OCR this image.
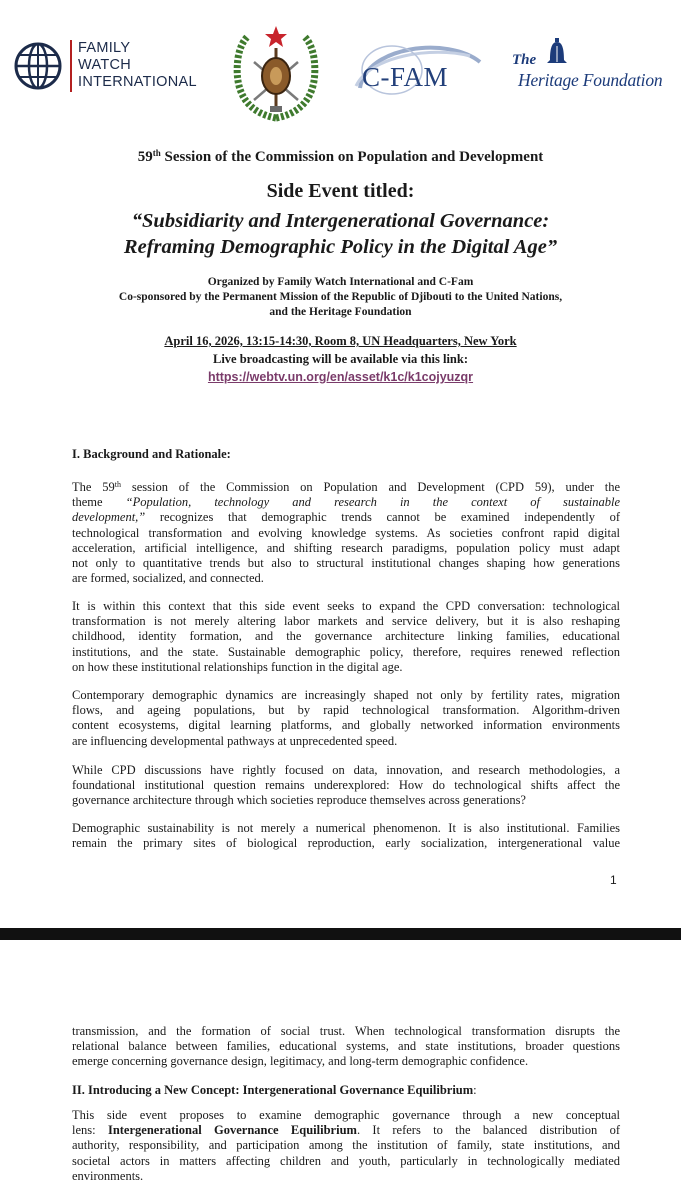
FAMILY
WATCH
INTERNATIONAL	C-FAM
The
Heritage Foundation
59th Session of the Commission on Population and Development
Side Event titled:
“Subsidiarity and Intergenerational Governance:
Reframing Demographic Policy in the Digital Age”
Organized by Family Watch International and C-Fam
Co-sponsored by the Permanent Mission of the Republic of Djibouti to the United Nations,
and the Heritage Foundation
April 16, 2026, 13:15-14:30, Room 8, UN Headquarters, New York
Live broadcasting will be available via this link:
https://webtv.un.org/en/asset/k1c/k1cojyuzqr
I. Background and Rationale:
The 59th session of the Commission on Population and Development (CPD 59), under the
theme “Population, technology and research in the context of sustainable
development,” recognizes that demographic trends cannot be examined independently of
technological transformation and evolving knowledge systems. As societies confront rapid digital
acceleration, artificial intelligence, and shifting research paradigms, population policy must adapt
not only to quantitative trends but also to structural institutional changes shaping how generations
are formed, socialized, and connected.
It is within this context that this side event seeks to expand the CPD conversation: technological
transformation is not merely altering labor markets and service delivery, but it is also reshaping
childhood, identity formation, and the governance architecture linking families, educational
institutions, and the state. Sustainable demographic policy, therefore, requires renewed reflection
on how these institutional relationships function in the digital age.
Contemporary demographic dynamics are increasingly shaped not only by fertility rates, migration
flows, and ageing populations, but by rapid technological transformation. Algorithm-driven
content ecosystems, digital learning platforms, and globally networked information environments
are influencing developmental pathways at unprecedented speed.
While CPD discussions have rightly focused on data, innovation, and research methodologies, a
foundational institutional question remains underexplored: How do technological shifts affect the
governance architecture through which societies reproduce themselves across generations?
Demographic sustainability is not merely a numerical phenomenon. It is also institutional. Families
remain the primary sites of biological reproduction, early socialization, intergenerational value
1
transmission, and the formation of social trust. When technological transformation disrupts the
relational balance between families, educational systems, and state institutions, broader questions
emerge concerning governance design, legitimacy, and long-term demographic confidence.
II. Introducing a New Concept: Intergenerational Governance Equilibrium:
This side event proposes to examine demographic governance through a new conceptual
lens: Intergenerational Governance Equilibrium. It refers to the balanced distribution of
authority, responsibility, and participation among the institution of family, state institutions, and
societal actors in matters affecting children and youth, particularly in technologically mediated
environments.
